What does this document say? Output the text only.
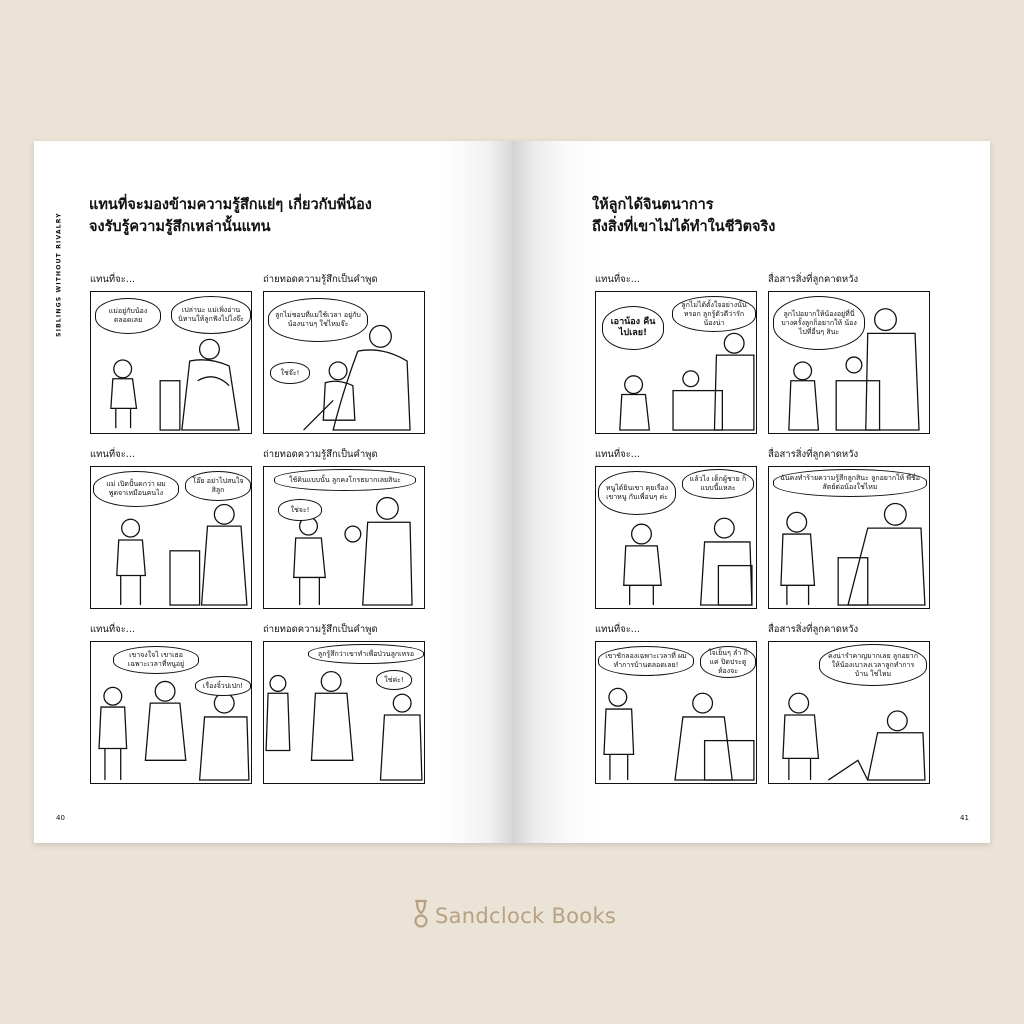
SIBLINGS WITHOUT RIVALRY
แทนที่จะมองข้ามความรู้สึกแย่ๆ เกี่ยวกับพี่น้อง
จงรับรู้ความรู้สึกเหล่านั้นแทน
แทนที่จะ...	ถ่ายทอดความรู้สึกเป็นคำพูด
แม่อยู่กับน้อง ตลอดเลย
เปล่านะ แม่เพิ่งอ่าน นิทานให้ลูกฟังไปไงจ๊ะ	ลูกไม่ชอบที่แม่ใช้เวลา อยู่กับน้องนานๆ ใช่ไหมจ๊ะ
ใช่จ๊ะ!
แทนที่จะ...	ถ่ายทอดความรู้สึกเป็นคำพูด
แม่ เปิดปั้นดกว่า ผมพูดจาเหมือนคนไง
โอ๊ย อย่าไปสนใจสิลูก
ใช้คินแบบนั้น ลูกคงโกรธมากเลยสินะ
ใช่จะ!
แทนที่จะ...	ถ่ายทอดความรู้สึกเป็นคำพูด
เขาจงใจไ เขาเธอ เฉพาะเวลาที่หนูอยู่
เรื่องจิ๋วปเปก!
ลูกรู้สึกว่าเขาทำเพื่อป่วนลูกเหรอ
ใช่ค่ะ!
40
ให้ลูกได้จินตนาการ
ถึงสิ่งที่เขาไม่ได้ทำในชีวิตจริง
แทนที่จะ...	สื่อสารสิ่งที่ลูกคาดหวัง
เอาน้อง คืนไปเลย!
ลูกไม่ได้ตั้งใจอย่างนั้นหรอก ลูกรู้ตัวดีว่ารักน้องน่า
ลูกไปอยากให้น้องอยู่ที่นี่ บางครั้งลูกก็อยากให้ น้องไปที่อื่นๆ สินะ
แทนที่จะ...	สื่อสารสิ่งที่ลูกคาดหวัง
หนูได้ยินเขา คุยเรื่องเขาหนู กับเพื่อนๆ ค่ะ
แล้วไง เด็กผู้ชาย ก็แบบนี้แหละ
ฉันคงทำร้ายความรู้สึกลูกสินะ ลูกอยากให้ พี่ชื่อสัตย์ต่อน้องใช่ไหม
แทนที่จะ...	สื่อสารสิ่งที่ลูกคาดหวัง
เขาชักลองเฉพาะเวลาที่ ผมทำการบ้านตลอดเลย!
ใจเย็นๆ ลำ ก็แค่ ปิดประตูห้องจะ
คงน่ารำคาญมากเลย ลูกอยาก ให้น้องเบาลงเวลาลูกทำการบ้าน ใช่ไหม
41
Sandclock Books
